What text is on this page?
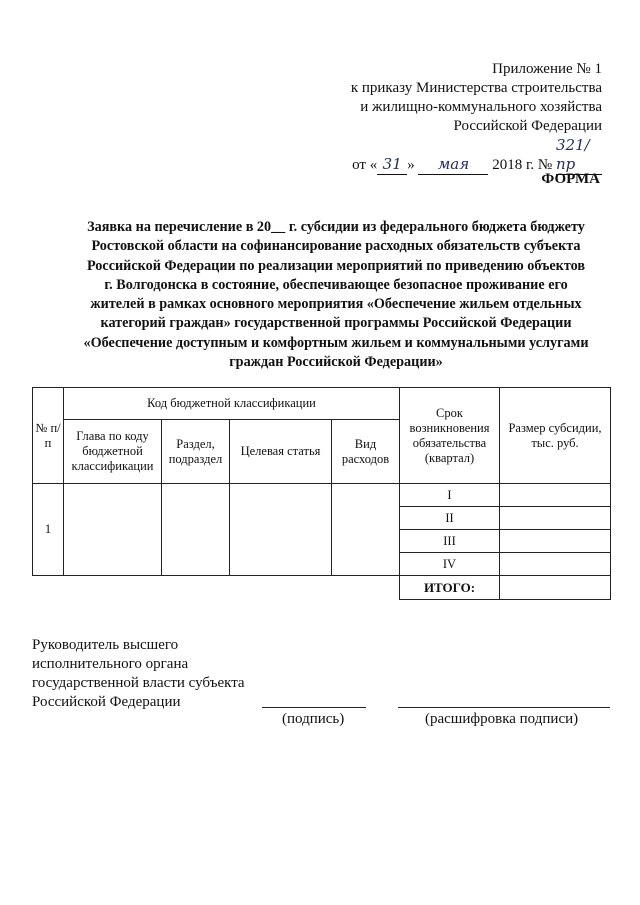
Приложение № 1
к приказу Министерства строительства
и жилищно-коммунального хозяйства
Российской Федерации
от « 31 » мая 2018 г. № 321/пр
ФОРМА
Заявка на перечисление в 20__ г. субсидии из федерального бюджета бюджету
Ростовской области на софинансирование расходных обязательств субъекта
Российской Федерации по реализации мероприятий по приведению объектов
г. Волгодонска в состояние, обеспечивающее безопасное проживание его
жителей в рамках основного мероприятия «Обеспечение жильем отдельных
категорий граждан» государственной программы Российской Федерации
«Обеспечение доступным и комфортным жильем и коммунальными услугами
граждан Российской Федерации»
№ п/п	Код бюджетной классификации				Срок возникновения обязательства (квартал)	Размер субсидии, тыс. руб.
	Глава по коду бюджетной классификации	Раздел, подраздел	Целевая статья	Вид расходов		
1					I	
					II	
					III	
					IV	
					ИТОГО:	
Руководитель высшего
исполнительного органа
государственной власти субъекта
Российской Федерации
(подпись)	(расшифровка подписи)
